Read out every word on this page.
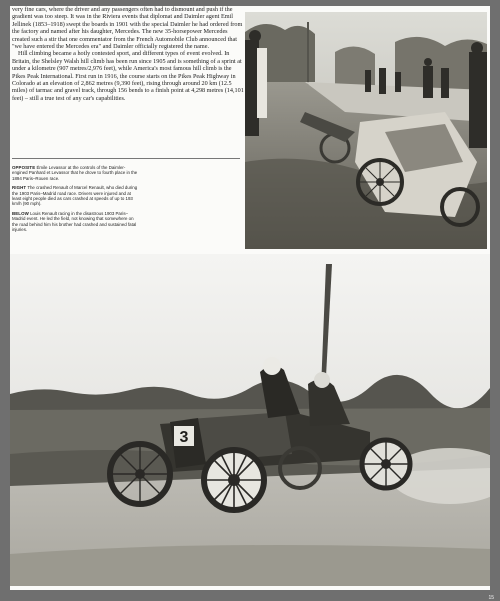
very fine cars, where the driver and any passengers often had to dismount and push if the gradient was too steep. It was in the Riviera events that diplomat and Daimler agent Emil Jellinek (1853–1918) swept the boards in 1901 with the special Daimler he had ordered from the factory and named after his daughter, Mercedes. The new 35-horsepower Mercedes created such a stir that one commentator from the French Automobile Club announced that "we have entered the Mercedes era" and Daimler officially registered the name.

Hill climbing became a hotly contested sport, and different types of event evolved. In Britain, the Shelsley Walsh hill climb has been run since 1905 and is something of a sprint at under a kilometre (907 metres/2,976 feet), while America's most famous hill climb is the Pikes Peak International. First run in 1916, the course starts on the Pikes Peak Highway in Colorado at an elevation of 2,862 metres (9,390 feet), rising through around 20 km (12.5 miles) of tarmac and gravel track, through 156 bends to a finish point at 4,298 metres (14,101 feet) – still a true test of any car's capabilities.

OPPOSITE Émile Levassor at the controls of the Daimler-engined Panhard et Levassor that he drove to fourth place in the 1894 Paris–Rouen race.

RIGHT The crashed Renault of Marcel Renault, who died during the 1903 Paris–Madrid road race. Drivers were injured and at least eight people died as cars crashed at speeds of up to 193 km/h (90 mph).

BELOW Louis Renault racing in the disastrous 1903 Paris–Madrid event. He led the field, not knowing that somewhere on the road behind him his brother had crashed and sustained fatal injuries.

3
15
